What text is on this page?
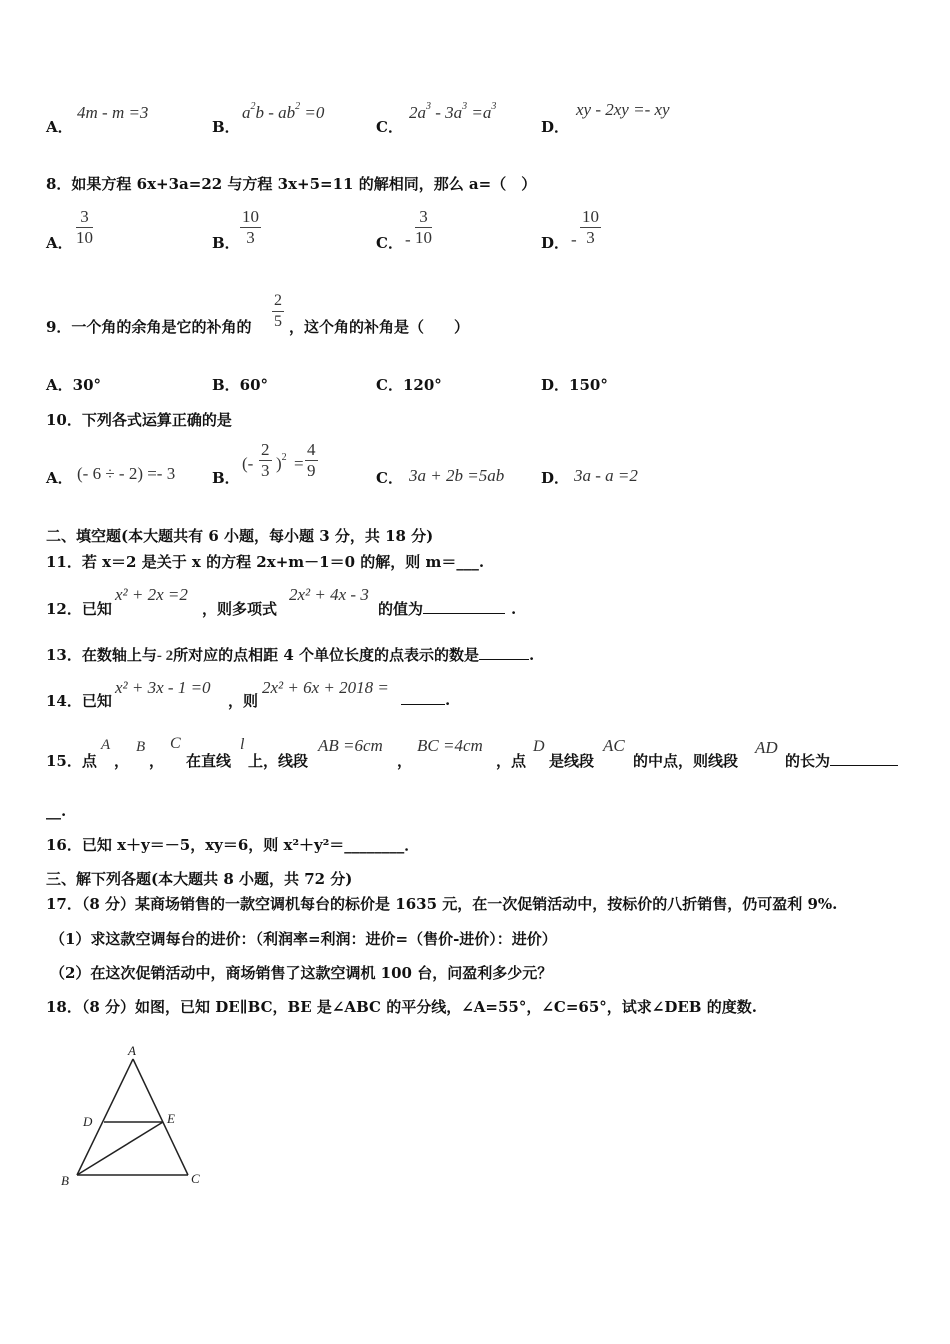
A．
4m - m =3
B．
$a^2b - ab^2 =0$
C．
$2a^3 - 3a^3 =a^3$
D．
xy - 2xy =- xy
8．如果方程 6x+3a=22 与方程 3x+5=11 的解相同，那么 a=（　）
A． $\frac{3}{10}$	B． $\frac{10}{3}$	C． - $\frac{3}{10}$	D． - $\frac{10}{3}$
9．一个角的余角是它的补角的 $\frac{2}{5}$ ，这个角的补角是（　　）
A．30°	B．60°	C．120°	D．150°
10．下列各式运算正确的是
A． (- 6 ÷ - 2) =- 3 B．
(- $\frac{2}{3} )^2 = \frac{4}{9}$	C． 3a + 2b =5ab D． 3a - a =2
二、填空题(本大题共有 6 小题，每小题 3 分，共 18 分)
11．若 x＝2 是关于 x 的方程 2x+m－1＝0 的解，则 m＝___.
12．已知
x² + 2x =2
，则多项式
2x² + 4x - 3
的值为	.
13．在数轴上与- 2所对应的点相距 4 个单位长度的点表示的数是	.
14．已知
x² + 3x - 1 =0
，则
2x² + 6x + 2018 =
.
15．点
A
，
B
，
C
在直线
l
上，线段
AB =6cm
，
BC =4cm
，点
D
是线段
AC
的中点，则线段
AD
的长为
__.
16．已知 x＋y＝－5，xy＝6，则 x²＋y²＝________．
三、解下列各题(本大题共 8 小题，共 72 分)
17．（8 分）某商场销售的一款空调机每台的标价是 1635 元，在一次促销活动中，按标价的八折销售，仍可盈利 9%.
（1）求这款空调每台的进价：（利润率=利润：进价=（售价-进价）：进价）
（2）在这次促销活动中，商场销售了这款空调机 100 台，问盈利多少元？
18．（8 分）如图，已知 DE∥BC，BE 是∠ABC 的平分线，∠A=55°，∠C=65°，试求∠DEB 的度数.
A
D	E
B	C
